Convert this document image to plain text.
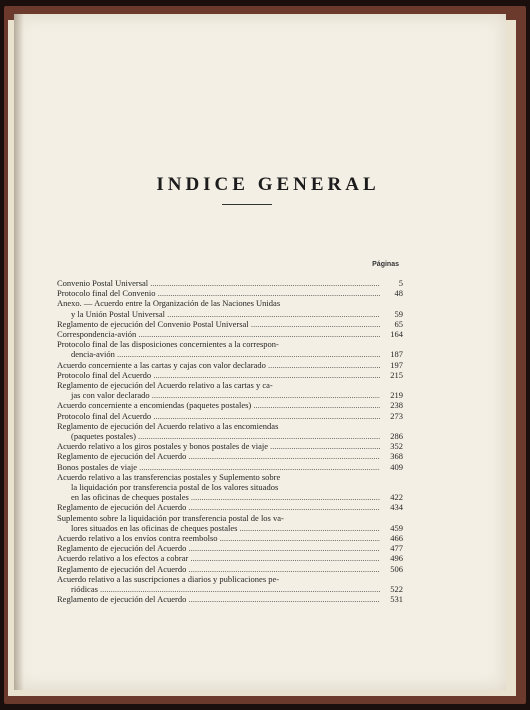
INDICE GENERAL
Páginas
Convenio Postal Universal .....	5
Protocolo final del Convenio .....	48
Anexo. — Acuerdo entre la Organización de las Naciones Unidas
y la Unión Postal Universal .....	59
Reglamento de ejecución del Convenio Postal Universal .....	65
Correspondencia-avión .....	164
Protocolo final de las disposiciones concernientes a la correspon-
dencia-avión .....	187
Acuerdo concerniente a las cartas y cajas con valor declarado .....	197
Protocolo final del Acuerdo .....	215
Reglamento de ejecución del Acuerdo relativo a las cartas y ca-
jas con valor declarado .....	219
Acuerdo concerniente a encomiendas (paquetes postales) .....	238
Protocolo final del Acuerdo .....	273
Reglamento de ejecución del Acuerdo relativo a las encomiendas
(paquetes postales) .....	286
Acuerdo relativo a los giros postales y bonos postales de viaje .....	352
Reglamento de ejecución del Acuerdo .....	368
Bonos postales de viaje .....	409
Acuerdo relativo a las transferencias postales y Suplemento sobre
la liquidación por transferencia postal de los valores situados
en las oficinas de cheques postales .....	422
Reglamento de ejecución del Acuerdo .....	434
Suplemento sobre la liquidación por transferencia postal de los va-
lores situados en las oficinas de cheques postales .....	459
Acuerdo relativo a los envíos contra reembolso .....	466
Reglamento de ejecución del Acuerdo .....	477
Acuerdo relativo a los efectos a cobrar .....	496
Reglamento de ejecución del Acuerdo .....	506
Acuerdo relativo a las suscripciones a diarios y publicaciones pe-
riódicas .....	522
Reglamento de ejecución del Acuerdo .....	531
